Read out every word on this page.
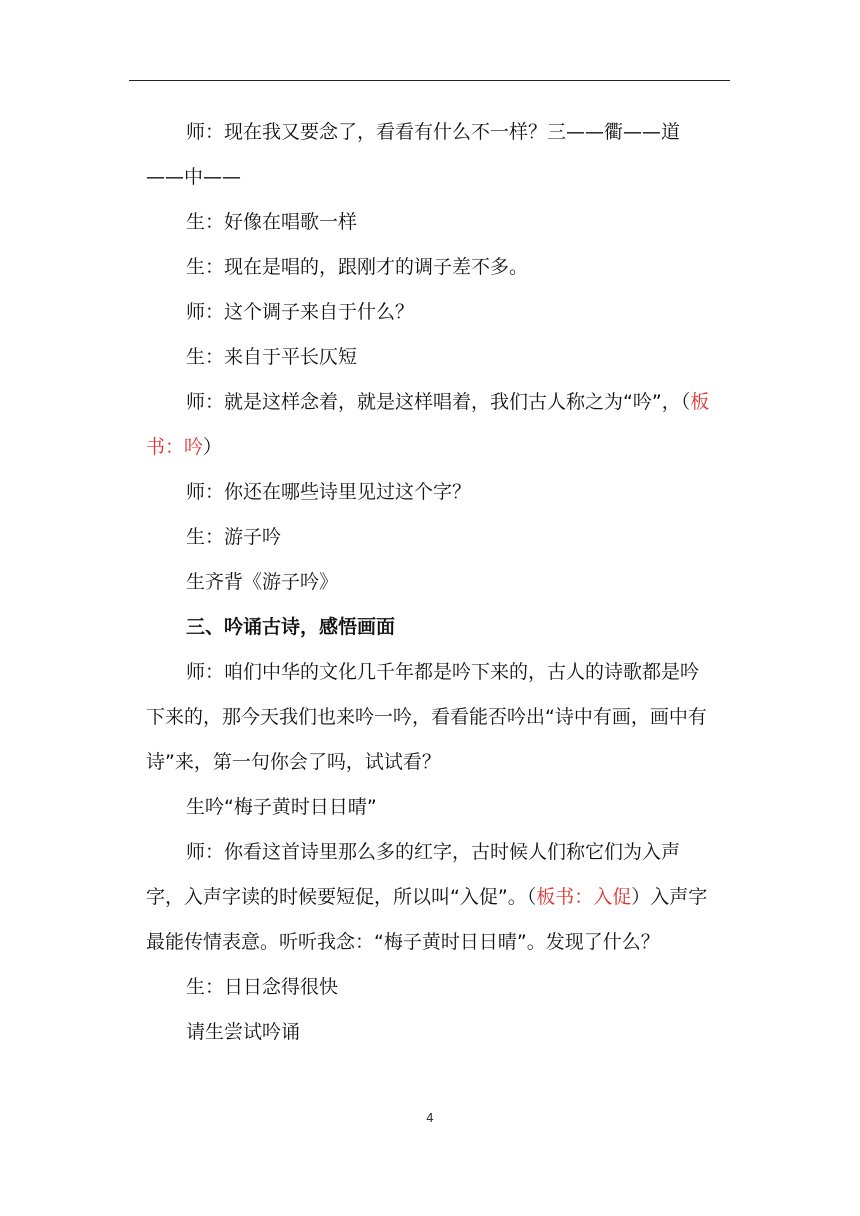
师：现在我又要念了，看看有什么不一样？三——衢——道——中——

生：好像在唱歌一样

生：现在是唱的，跟刚才的调子差不多。

师：这个调子来自于什么？

生：来自于平长仄短

师：就是这样念着，就是这样唱着，我们古人称之为“吟”，（板书：吟）

师：你还在哪些诗里见过这个字？

生：游子吟

生齐背《游子吟》

三、吟诵古诗，感悟画面

师：咱们中华的文化几千年都是吟下来的，古人的诗歌都是吟下来的，那今天我们也来吟一吟，看看能否吟出“诗中有画，画中有诗”来，第一句你会了吗，试试看？

生吟“梅子黄时日日晴”

师：你看这首诗里那么多的红字，古时候人们称它们为入声字，入声字读的时候要短促，所以叫“入促”。（板书：入促）入声字最能传情表意。听听我念：“梅子黄时日日晴”。发现了什么？

生：日日念得很快

请生尝试吟诵

4
